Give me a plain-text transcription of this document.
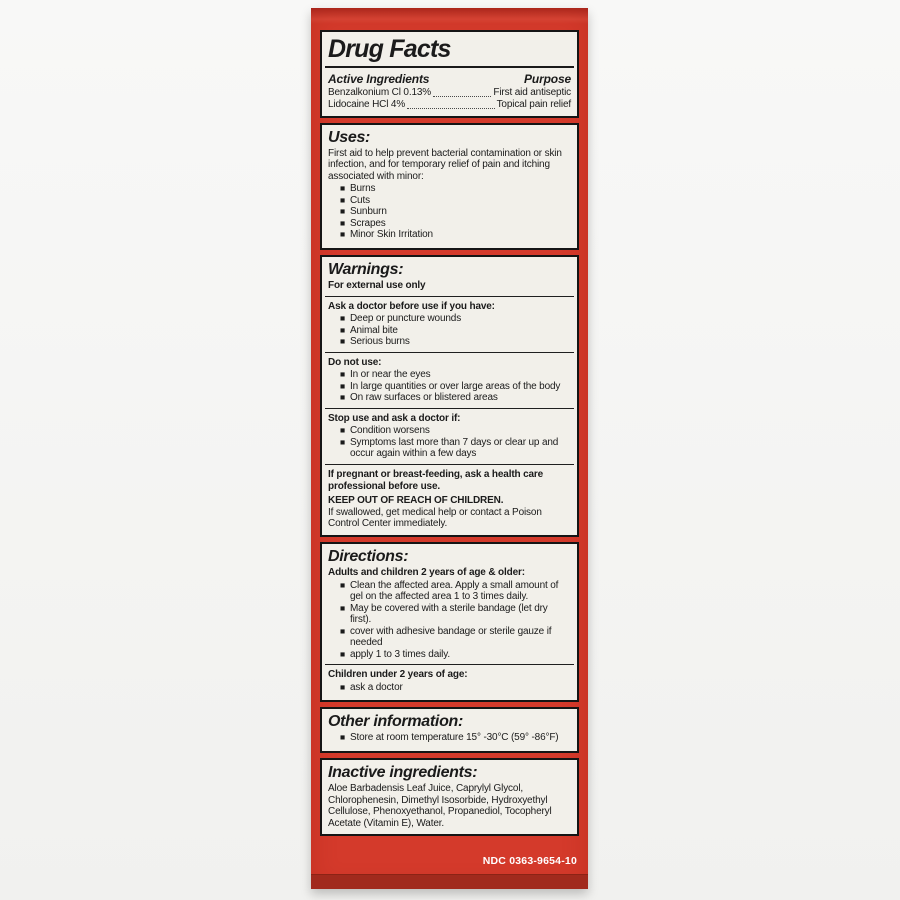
Drug Facts
Active Ingredients	Purpose
Benzalkonium Cl 0.13%	First aid antiseptic
Lidocaine HCl 4%	Topical pain relief
Uses:
First aid to help prevent bacterial contamination or skin infection, and for temporary relief of pain and itching associated with minor:
■ Burns
■ Cuts
■ Sunburn
■ Scrapes
■ Minor Skin Irritation
Warnings:
For external use only
Ask a doctor before use if you have:
■ Deep or puncture wounds
■ Animal bite
■ Serious burns
Do not use:
■ In or near the eyes
■ In large quantities or over large areas of the body
■ On raw surfaces or blistered areas
Stop use and ask a doctor if:
■ Condition worsens
■ Symptoms last more than 7 days or clear up and occur again within a few days
If pregnant or breast-feeding, ask a health care professional before use.
KEEP OUT OF REACH OF CHILDREN.
If swallowed, get medical help or contact a Poison Control Center immediately.
Directions:
Adults and children 2 years of age & older:
■ Clean the affected area. Apply a small amount of gel on the affected area 1 to 3 times daily.
■ May be covered with a sterile bandage (let dry first).
■ cover with adhesive bandage or sterile gauze if needed
■ apply 1 to 3 times daily.
Children under 2 years of age:
■ ask a doctor
Other information:
■ Store at room temperature 15° -30°C (59° -86°F)
Inactive ingredients:
Aloe Barbadensis Leaf Juice, Caprylyl Glycol, Chlorophenesin, Dimethyl Isosorbide, Hydroxyethyl Cellulose, Phenoxyethanol, Propanediol, Tocopheryl Acetate (Vitamin E), Water.
NDC 0363-9654-10
